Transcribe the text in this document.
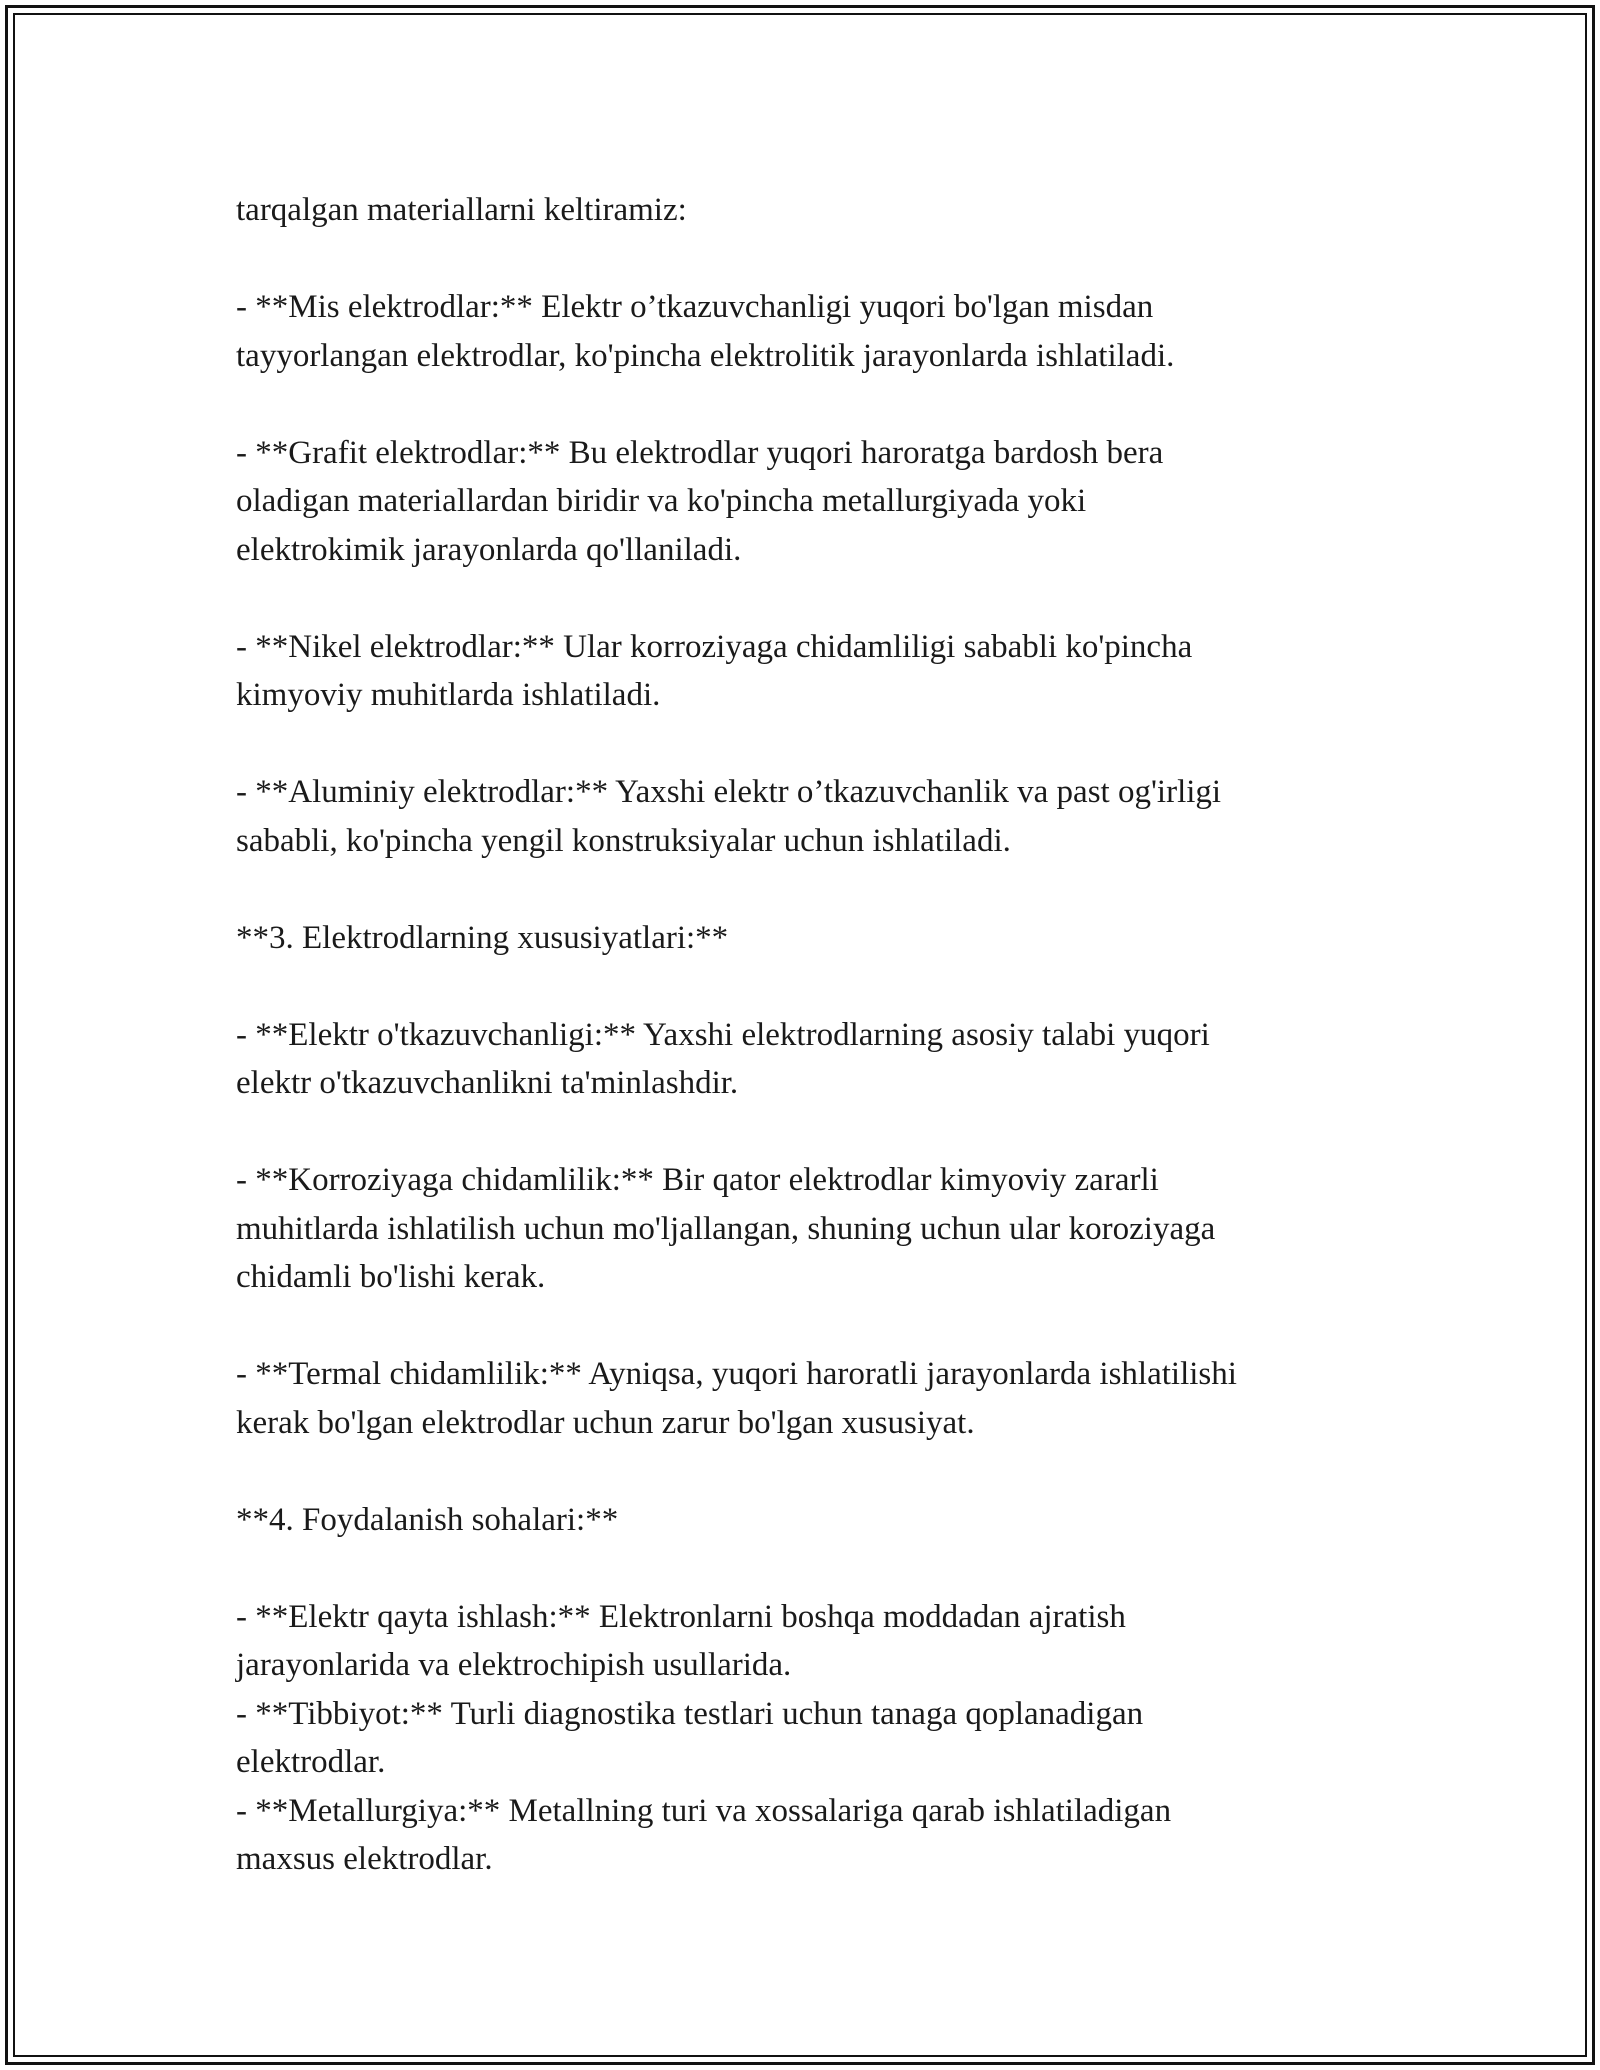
tarqalgan materiallarni keltiramiz:

- **Mis elektrodlar:** Elektr o’tkazuvchanligi yuqori bo'lgan misdan

tayyorlangan elektrodlar, ko'pincha elektrolitik jarayonlarda ishlatiladi.

- **Grafit elektrodlar:** Bu elektrodlar yuqori haroratga bardosh bera

oladigan materiallardan biridir va ko'pincha metallurgiyada yoki

elektrokimik jarayonlarda qo'llaniladi.

- **Nikel elektrodlar:** Ular korroziyaga chidamliligi sababli ko'pincha

kimyoviy muhitlarda ishlatiladi.

- **Aluminiy elektrodlar:** Yaxshi elektr o’tkazuvchanlik va past og'irligi

sababli, ko'pincha yengil konstruksiyalar uchun ishlatiladi.

**3. Elektrodlarning xususiyatlari:**

- **Elektr o'tkazuvchanligi:** Yaxshi elektrodlarning asosiy talabi yuqori

elektr o'tkazuvchanlikni ta'minlashdir.

- **Korroziyaga chidamlilik:** Bir qator elektrodlar kimyoviy zararli

muhitlarda ishlatilish uchun mo'ljallangan, shuning uchun ular koroziyaga

chidamli bo'lishi kerak.

- **Termal chidamlilik:** Ayniqsa, yuqori haroratli jarayonlarda ishlatilishi

kerak bo'lgan elektrodlar uchun zarur bo'lgan xususiyat.

**4. Foydalanish sohalari:**

- **Elektr qayta ishlash:** Elektronlarni boshqa moddadan ajratish

jarayonlarida va elektrochipish usullarida.

- **Tibbiyot:** Turli diagnostika testlari uchun tanaga qoplanadigan

elektrodlar.

- **Metallurgiya:** Metallning turi va xossalariga qarab ishlatiladigan

maxsus elektrodlar.
